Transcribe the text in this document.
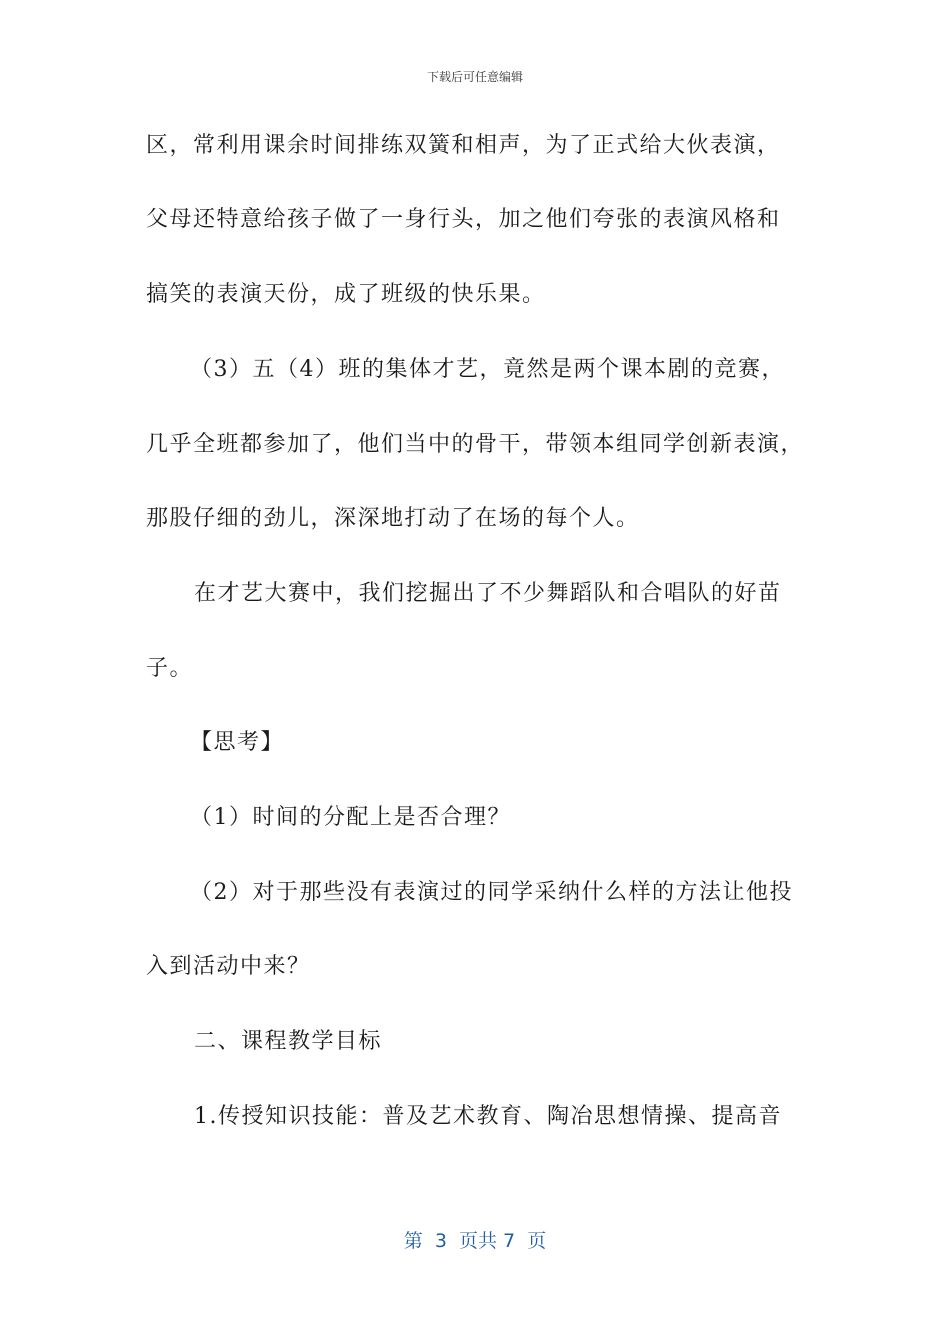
下载后可任意编辑
区，常利用课余时间排练双簧和相声，为了正式给大伙表演，
父母还特意给孩子做了一身行头，加之他们夸张的表演风格和
搞笑的表演天份，成了班级的快乐果。
（3）五（4）班的集体才艺，竟然是两个课本剧的竞赛，
几乎全班都参加了，他们当中的骨干，带领本组同学创新表演，
那股仔细的劲儿，深深地打动了在场的每个人。
在才艺大赛中，我们挖掘出了不少舞蹈队和合唱队的好苗
子。
【思考】
（1）时间的分配上是否合理？
（2）对于那些没有表演过的同学采纳什么样的方法让他投
入到活动中来？
二、课程教学目标
1.传授知识技能：普及艺术教育、陶冶思想情操、提高音
第  3  页共 7  页
